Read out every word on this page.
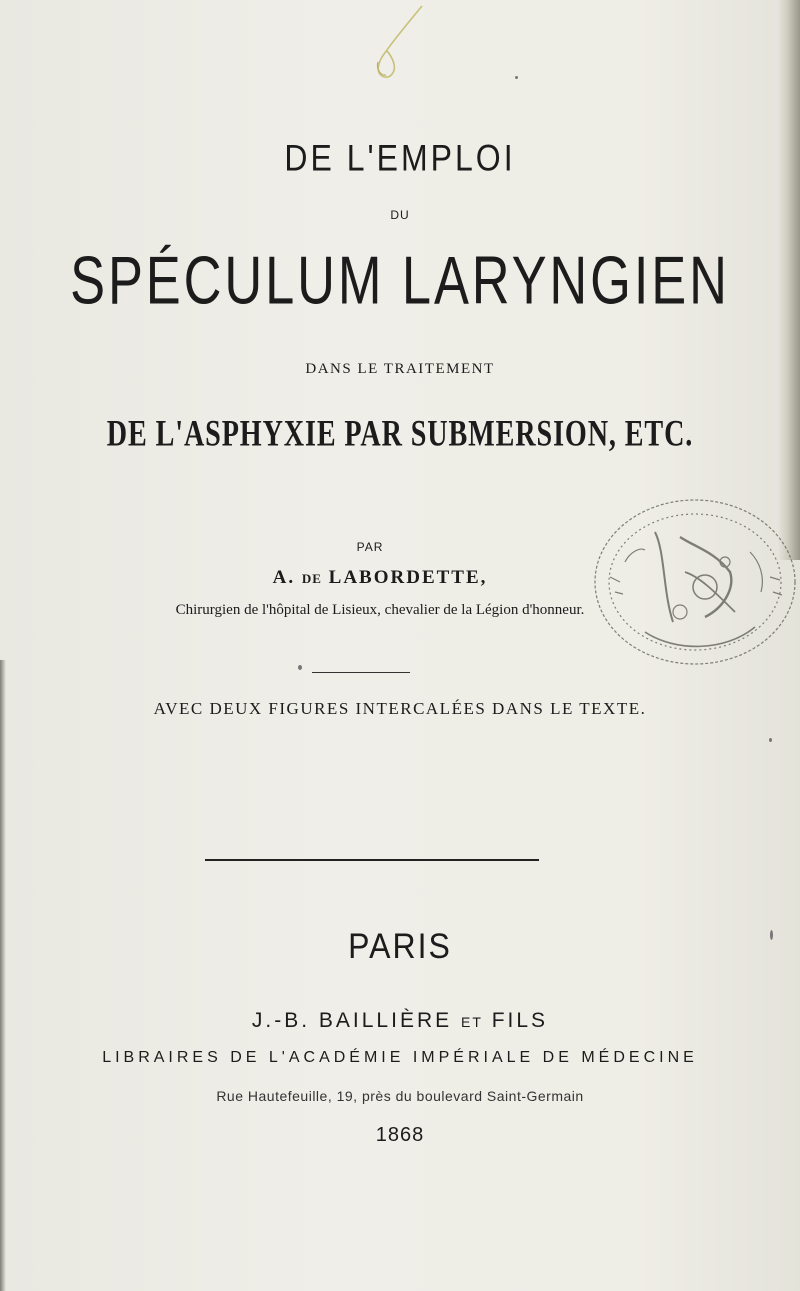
DE L'EMPLOI
DU
SPÉCULUM LARYNGIEN
DANS LE TRAITEMENT
DE L'ASPHYXIE PAR SUBMERSION, ETC.
PAR
A. DE LABORDETTE,
Chirurgien de l'hôpital de Lisieux, chevalier de la Légion d'honneur.
AVEC DEUX FIGURES INTERCALÉES DANS LE TEXTE.
PARIS
J.-B. BAILLIÈRE ET FILS
LIBRAIRES DE L'ACADÉMIE IMPÉRIALE DE MÉDECINE
Rue Hautefeuille, 19, près du boulevard Saint-Germain
1868
